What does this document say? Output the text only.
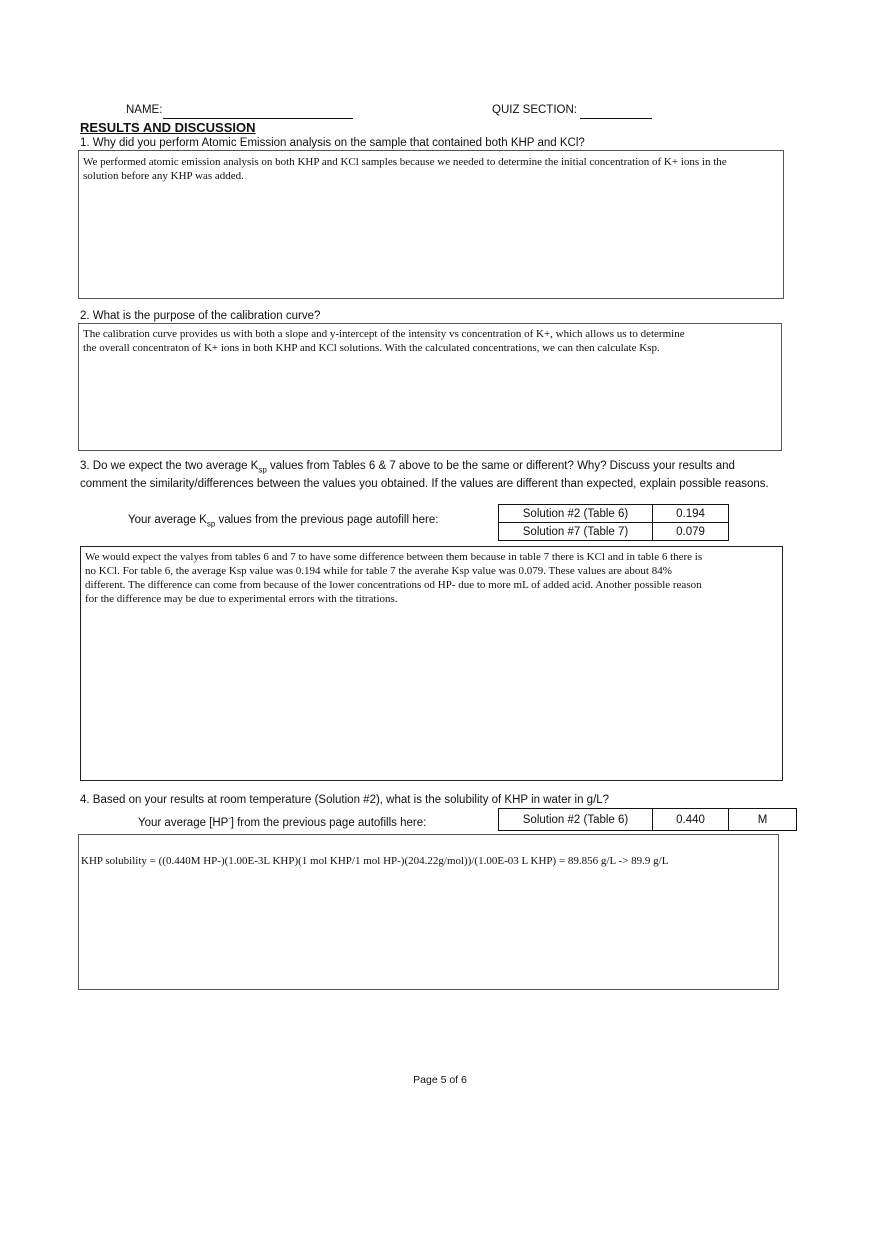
NAME:	QUIZ SECTION:
RESULTS AND DISCUSSION
1. Why did you perform Atomic Emission analysis on the sample that contained both KHP and KCl?
We performed atomic emission analysis on both KHP and KCl samples because we needed to determine the initial concentration of K+ ions in the solution before any KHP was added.
2. What is the purpose of the calibration curve?
The calibration curve provides us with both a slope and y-intercept of the intensity vs concentration of K+, which allows us to determine the overall concentraton of K+ ions in both KHP and KCl solutions. With the calculated concentrations, we can then calculate Ksp.
3. Do we expect the two average $K_{sp}$ values from Tables 6 & 7 above to be the same or different? Why? Discuss your results and comment the similarity/differences between the values you obtained. If the values are different than expected, explain possible reasons.
Your average $K_{sp}$ values from the previous page autofill here:
Solution #2 (Table 6)	0.194
Solution #7 (Table 7)	0.079
We would expect the valyes from tables 6 and 7 to have some difference between them because in table 7 there is KCl and in table 6 there is no KCl. For table 6, the average Ksp value was 0.194 while for table 7 the averahe Ksp value was 0.079. These values are about 84% different. The difference can come from because of the lower concentrations od HP- due to more mL of added acid. Another possible reason for the difference may be due to experimental errors with the titrations.
4. Based on your results at room temperature (Solution #2), what is the solubility of KHP in water in g/L?
Your average [HP-] from the previous page autofills here:	Solution #2 (Table 6)	0.440	M
KHP solubility = ((0.440M HP-)(1.00E-3L KHP)(1 mol KHP/1 mol HP-)(204.22g/mol))/(1.00E-03 L KHP) = 89.856 g/L -> 89.9 g/L
Page 5 of 6
